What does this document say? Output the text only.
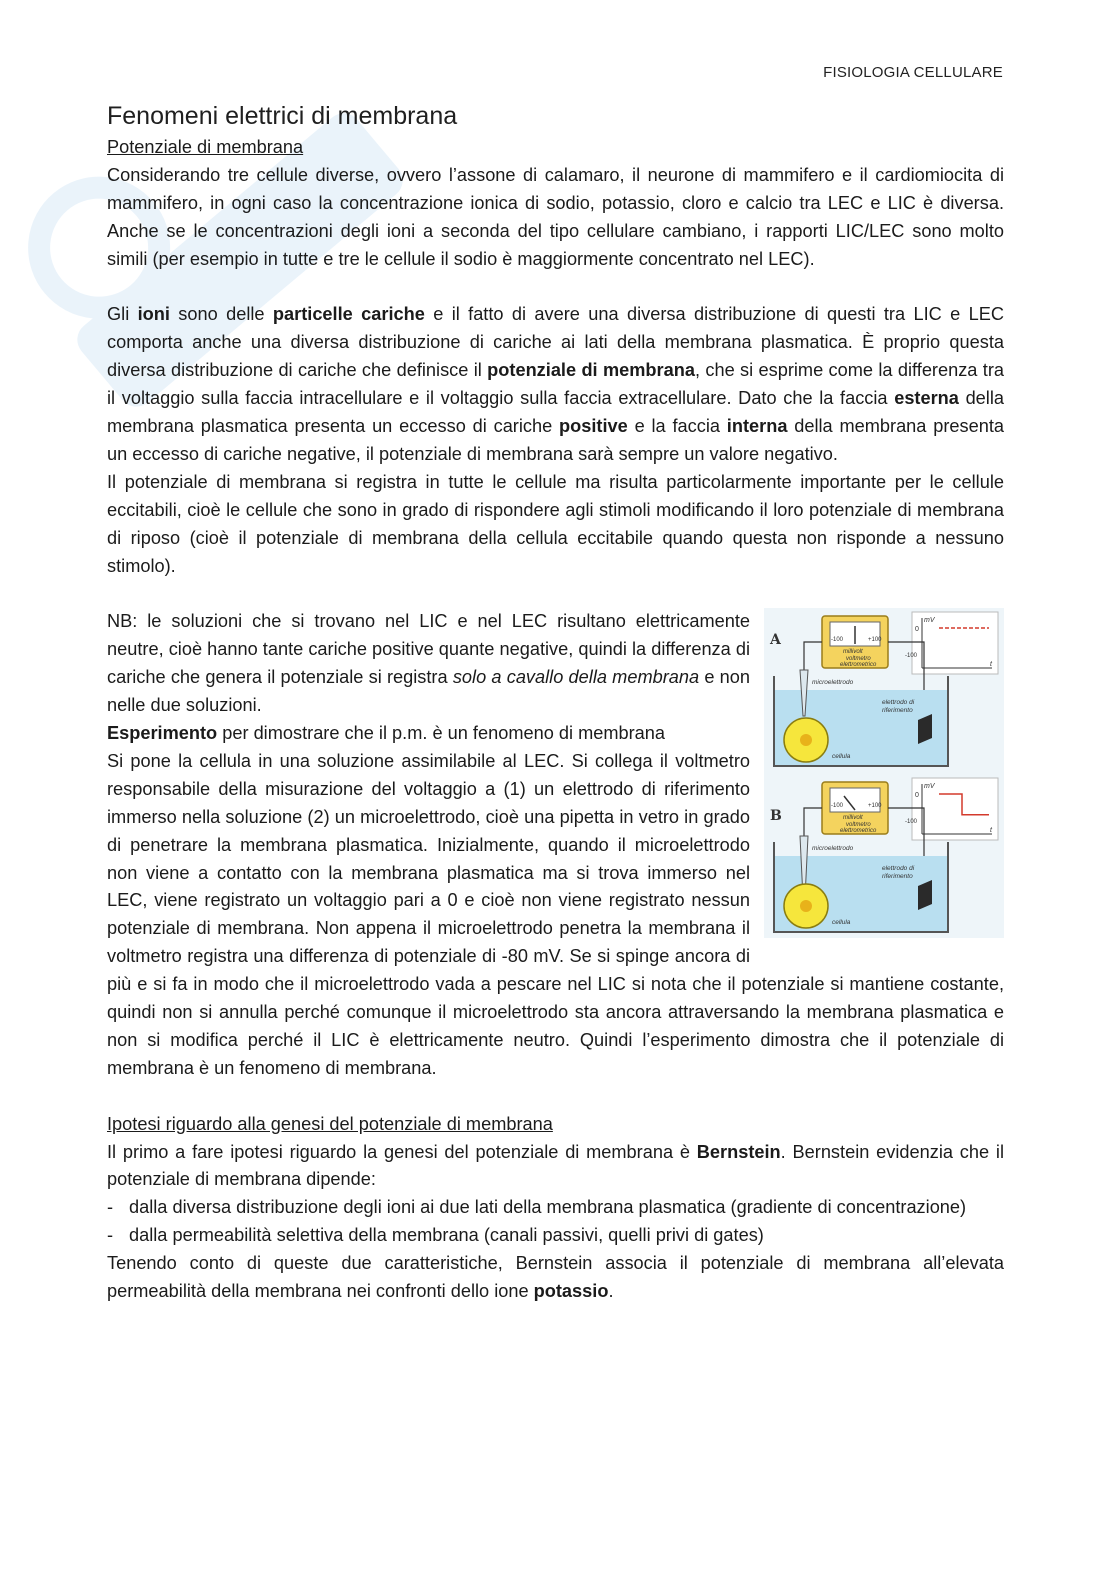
FISIOLOGIA CELLULARE
Fenomeni elettrici di membrana

Potenziale di membrana

Considerando tre cellule diverse, ovvero l’assone di calamaro, il neurone di mammifero e il cardiomiocita di mammifero, in ogni caso la concentrazione ionica di sodio, potassio, cloro e calcio tra LEC e LIC è diversa. Anche se le concentrazioni degli ioni a seconda del tipo cellulare cambiano, i rapporti LIC/LEC sono molto simili (per esempio in tutte e tre le cellule il sodio è maggiormente concentrato nel LEC).

Gli ioni sono delle particelle cariche e il fatto di avere una diversa distribuzione di questi tra LIC e LEC comporta anche una diversa distribuzione di cariche ai lati della membrana plasmatica. È proprio questa diversa distribuzione di cariche che definisce il potenziale di membrana, che si esprime come la differenza tra il voltaggio sulla faccia intracellulare e il voltaggio sulla faccia extracellulare. Dato che la faccia esterna della membrana plasmatica presenta un eccesso di cariche positive e la faccia interna della membrana presenta un eccesso di cariche negative, il potenziale di membrana sarà sempre un valore negativo.

Il potenziale di membrana si registra in tutte le cellule ma risulta particolarmente importante per le cellule eccitabili, cioè le cellule che sono in grado di rispondere agli stimoli modificando il loro potenziale di membrana di riposo (cioè il potenziale di membrana della cellula eccitabile quando questa non risponde a nessuno stimolo).

A	-100	+100
millivolt
voltmetro
elettrometrico
mV
0
-100
t
microelettrodo
cellula
elettrodo di
riferimento
B
-100	+100
millivolt
voltmetro
elettrometrico
mV
0
-100
t
microelettrodo
cellula
elettrodo di
riferimento

NB: le soluzioni che si trovano nel LIC e nel LEC risultano elettricamente neutre, cioè hanno tante cariche positive quante negative, quindi la differenza di cariche che genera il potenziale si registra solo a cavallo della membrana e non nelle due soluzioni.

Esperimento per dimostrare che il p.m. è un fenomeno di membrana

Si pone la cellula in una soluzione assimilabile al LEC. Si collega il voltmetro responsabile della misurazione del voltaggio a (1) un elettrodo di riferimento immerso nella soluzione (2) un microelettrodo, cioè una pipetta in vetro in grado di penetrare la membrana plasmatica. Inizialmente, quando il microelettrodo non viene a contatto con la membrana plasmatica ma si trova immerso nel LEC, viene registrato un voltaggio pari a 0 e cioè non viene registrato nessun potenziale di membrana. Non appena il microelettrodo penetra la membrana il voltmetro registra una differenza di potenziale di -80 mV. Se si spinge ancora di più e si fa in modo che il microelettrodo vada a pescare nel LIC si nota che il potenziale si mantiene costante, quindi non si annulla perché comunque il microelettrodo sta ancora attraversando la membrana plasmatica e non si modifica perché il LIC è elettricamente neutro. Quindi l’esperimento dimostra che il potenziale di membrana è un fenomeno di membrana.

Ipotesi riguardo alla genesi del potenziale di membrana

Il primo a fare ipotesi riguardo la genesi del potenziale di membrana è Bernstein. Bernstein evidenzia che il potenziale di membrana dipende:

- dalla diversa distribuzione degli ioni ai due lati della membrana plasmatica (gradiente di concentrazione)
- dalla permeabilità selettiva della membrana (canali passivi, quelli privi di gates)

Tenendo conto di queste due caratteristiche, Bernstein associa il potenziale di membrana all’elevata permeabilità della membrana nei confronti dello ione potassio.
